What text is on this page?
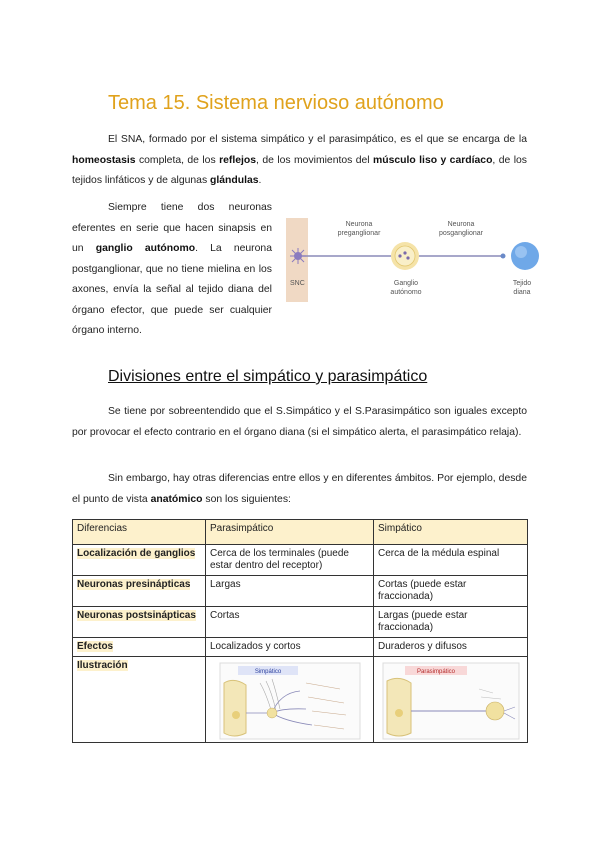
Tema 15. Sistema nervioso autónomo

El SNA, formado por el sistema simpático y el parasimpático, es el que se encarga de la homeostasis completa, de los reflejos, de los movimientos del músculo liso y cardíaco, de los tejidos linfáticos y de algunas glándulas.

Siempre tiene dos neuronas eferentes en serie que hacen sinapsis en un ganglio autónomo. La neurona postganglionar, que no tiene mielina en los axones, envía la señal al tejido diana del órgano efector, que puede ser cualquier órgano interno.

SNC
Neurona
preganglionar
Neurona
posganglionar
Ganglio
autónomo
Tejido
diana
Divisiones entre el simpático y parasimpático

Se tiene por sobreentendido que el S.Simpático y el S.Parasimpático son iguales excepto por provocar el efecto contrario en el órgano diana (si el simpático alerta, el parasimpático relaja).

Sin embargo, hay otras diferencias entre ellos y en diferentes ámbitos. Por ejemplo, desde el punto de vista anatómico son los siguientes:

Diferencias	Parasimpático	Simpático
Localización de ganglios	Cerca de los terminales (puede estar dentro del receptor)	Cerca de la médula espinal
Neuronas presinápticas	Largas	Cortas (puede estar fraccionada)
Neuronas postsinápticas	Cortas	Largas (puede estar fraccionada)
Efectos	Localizados y cortos	Duraderos y difusos
Ilustración	Simpático	Parasimpático
